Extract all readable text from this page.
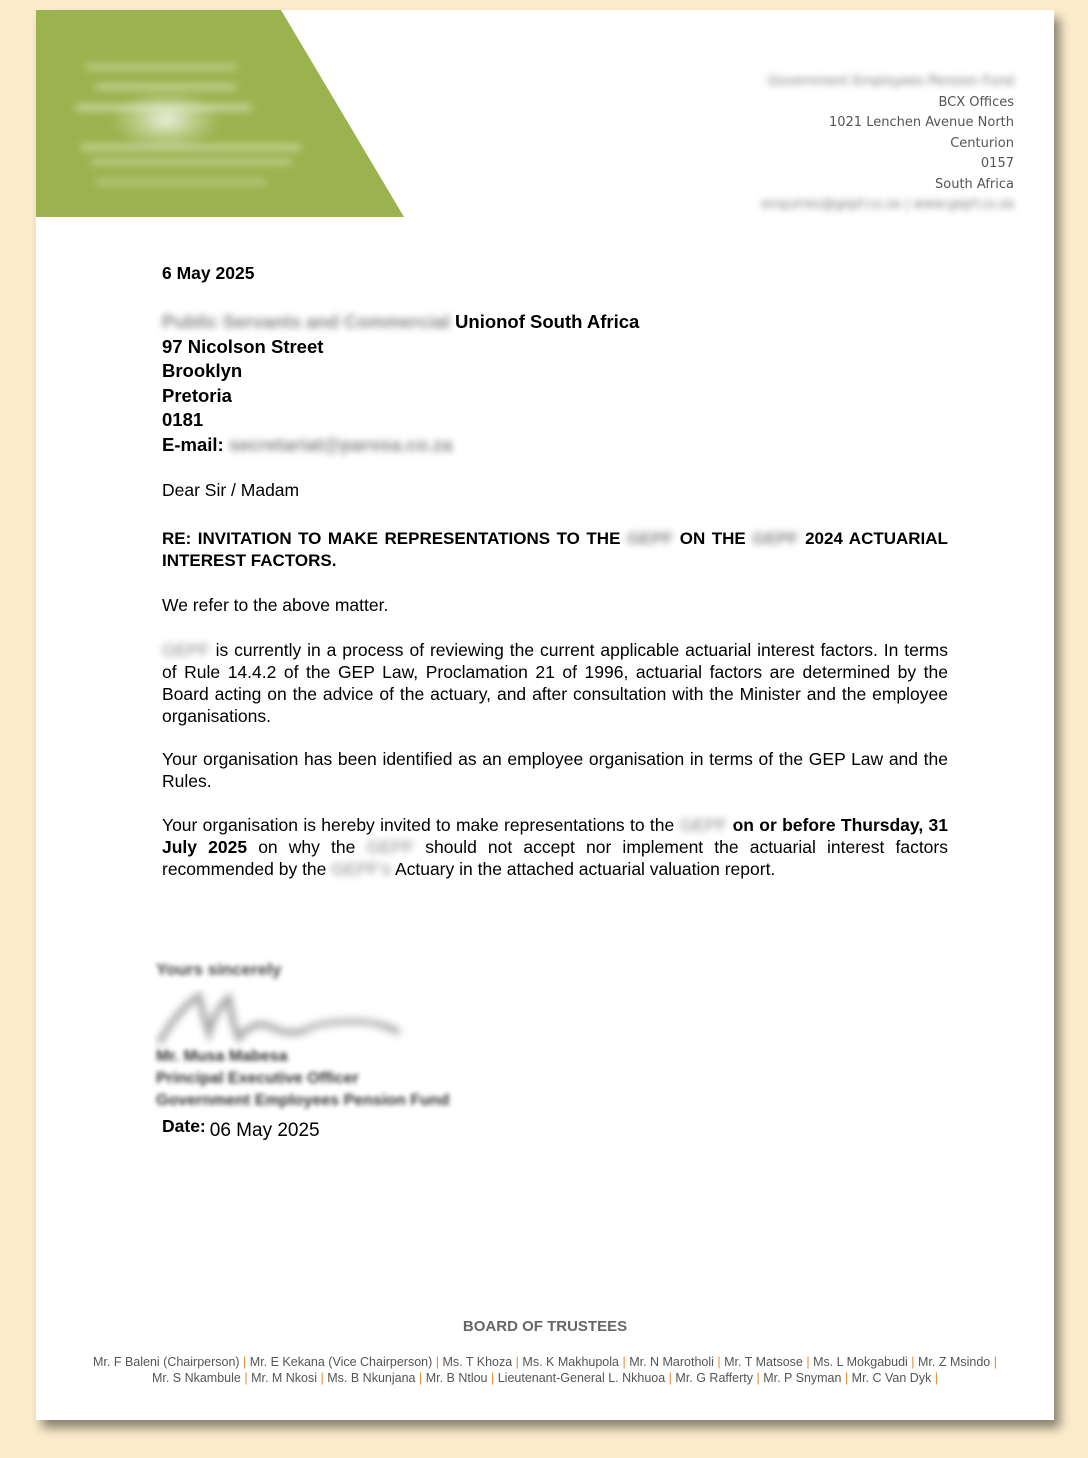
Government Employees Pension Fund
BCX Offices
1021 Lenchen Avenue North
Centurion
0157
South Africa
enquiries@gepf.co.za | www.gepf.co.za
6 May 2025
Public Servants and Commercial Unionof South Africa
97 Nicolson Street
Brooklyn
Pretoria
0181
E-mail: secretariat@parosa.co.za
Dear Sir / Madam
RE: INVITATION TO MAKE REPRESENTATIONS TO THE GEPF ON THE GEPF 2024 ACTUARIAL INTEREST FACTORS.
We refer to the above matter.
GEPF is currently in a process of reviewing the current applicable actuarial interest factors. In terms of Rule 14.4.2 of the GEP Law, Proclamation 21 of 1996, actuarial factors are determined by the Board acting on the advice of the actuary, and after consultation with the Minister and the employee organisations.
Your organisation has been identified as an employee organisation in terms of the GEP Law and the Rules.
Your organisation is hereby invited to make representations to the GEPF on or before Thursday, 31 July 2025 on why the GEPF should not accept nor implement the actuarial interest factors recommended by the GEPF's Actuary in the attached actuarial valuation report.
Yours sincerely
Mr. Musa Mabesa
Principal Executive Officer
Government Employees Pension Fund
Date: 06 May 2025
BOARD OF TRUSTEES
Mr. F Baleni (Chairperson) | Mr. E Kekana (Vice Chairperson) | Ms. T Khoza | Ms. K Makhupola | Mr. N Marotholi | Mr. T Matsose | Ms. L Mokgabudi | Mr. Z Msindo |
Mr. S Nkambule | Mr. M Nkosi | Ms. B Nkunjana | Mr. B Ntlou | Lieutenant-General L. Nkhuoa | Mr. G Rafferty | Mr. P Snyman | Mr. C Van Dyk |
